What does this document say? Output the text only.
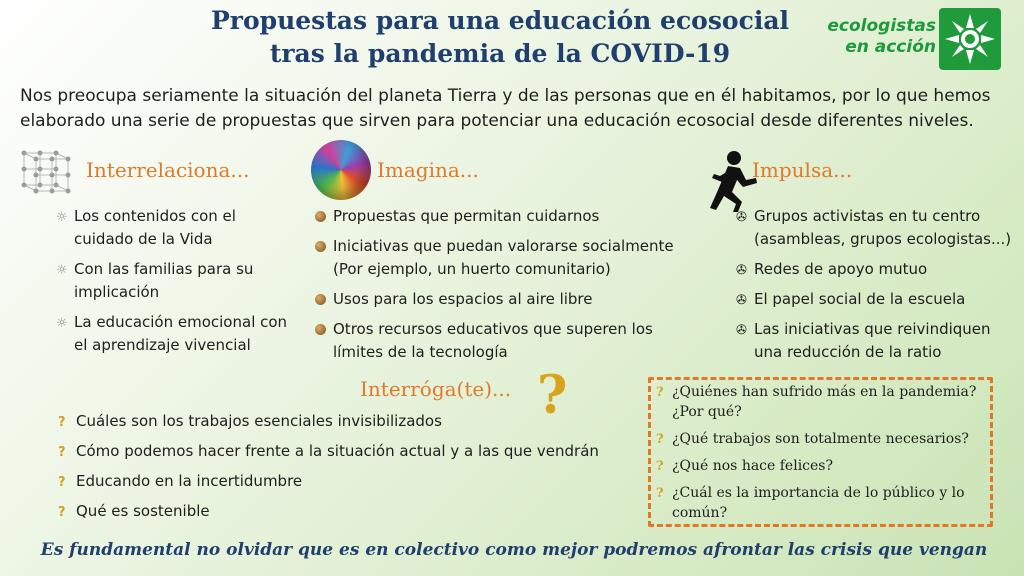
Propuestas para una educación ecosocial
tras la pandemia de la COVID-19
ecologistas
en acción
Nos preocupa seriamente la situación del planeta Tierra y de las personas que en él habitamos, por lo que hemos elaborado una serie de propuestas que sirven para potenciar una educación ecosocial desde diferentes niveles.
Interrelaciona...
☼ Los contenidos con el cuidado de la Vida
☼ Con las familias para su implicación
☼ La educación emocional con el aprendizaje vivencial
Imagina...
Propuestas que permitan cuidarnos
Iniciativas que puedan valorarse socialmente (Por ejemplo, un huerto comunitario)
Usos para los espacios al aire libre
Otros recursos educativos que superen los límites de la tecnología
Impulsa...
✇ Grupos activistas en tu centro (asambleas, grupos ecologistas...)
✇ Redes de apoyo mutuo
✇ El papel social de la escuela
✇ Las iniciativas que reivindiquen una reducción de la ratio
Interróga(te)... ?
? Cuáles son los trabajos esenciales invisibilizados
? Cómo podemos hacer frente a la situación actual y a las que vendrán
? Educando en la incertidumbre
? Qué es sostenible
? ¿Quiénes han sufrido más en la pandemia? ¿Por qué?
? ¿Qué trabajos son totalmente necesarios?
? ¿Qué nos hace felices?
? ¿Cuál es la importancia de lo público y lo común?
Es fundamental no olvidar que es en colectivo como mejor podremos afrontar las crisis que vengan
